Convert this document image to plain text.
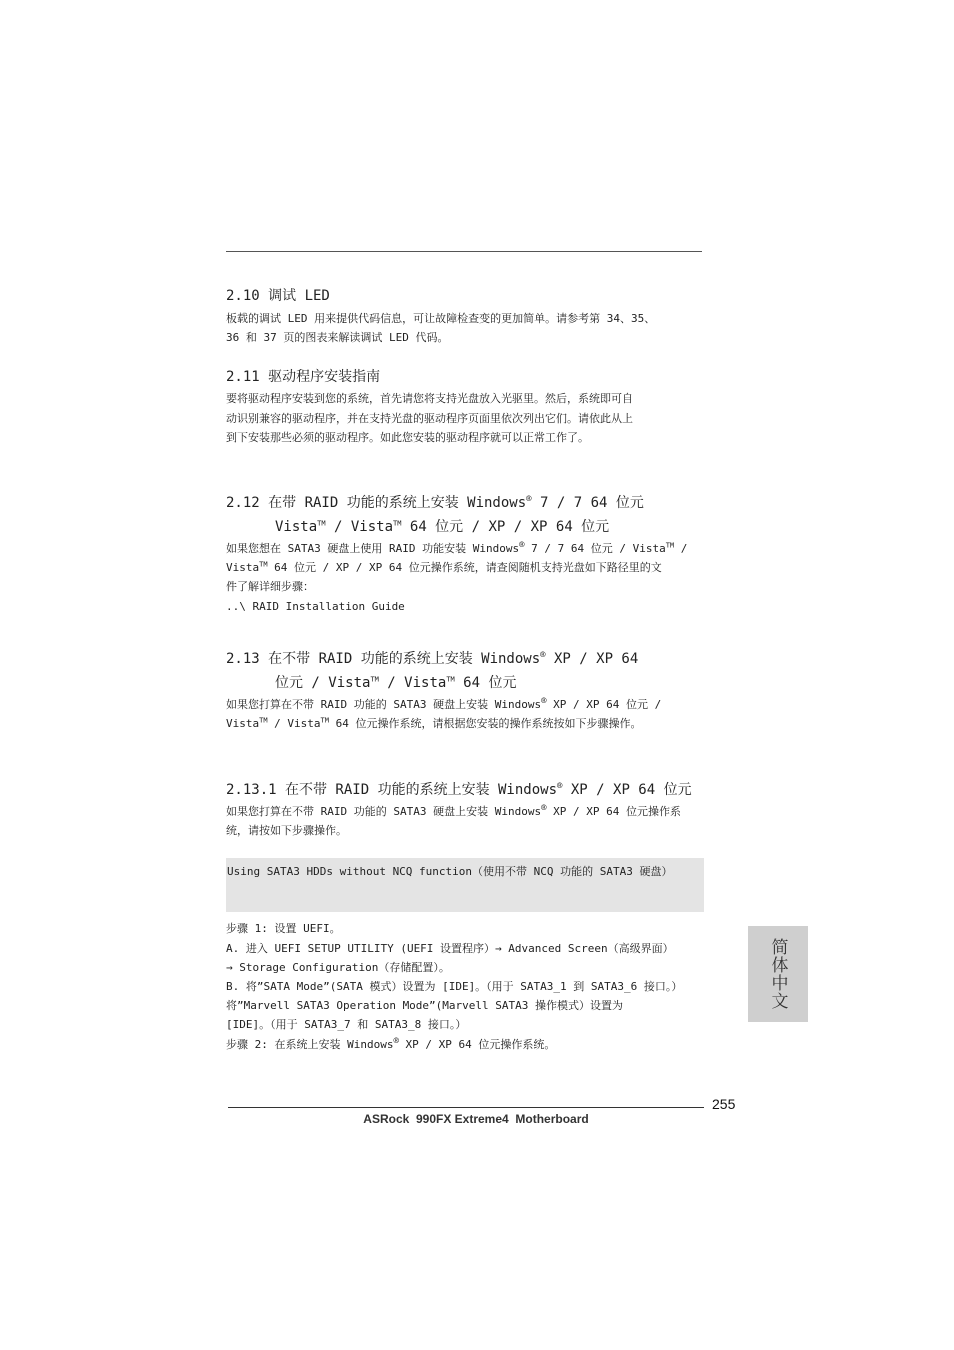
2.10 调试 LED
板载的调试 LED 用来提供代码信息，可让故障检查变的更加简单。请参考第 34、35、
36 和 37 页的图表来解读调试 LED 代码。
2.11 驱动程序安装指南
要将驱动程序安装到您的系统，首先请您将支持光盘放入光驱里。然后，系统即可自
动识别兼容的驱动程序，并在支持光盘的驱动程序页面里依次列出它们。请依此从上
到下安装那些必须的驱动程序。如此您安装的驱动程序就可以正常工作了。
2.12 在带 RAID 功能的系统上安装 Windows® 7 / 7 64 位元
Vista™ / Vista™ 64 位元 / XP / XP 64 位元
如果您想在 SATA3 硬盘上使用 RAID 功能安装 Windows® 7 / 7 64 位元 / Vista™ /
Vista™ 64 位元 / XP / XP 64 位元操作系统，请查阅随机支持光盘如下路径里的文
件了解详细步骤：
..\ RAID Installation Guide
2.13 在不带 RAID 功能的系统上安装 Windows® XP / XP 64
位元 / Vista™ / Vista™ 64 位元
如果您打算在不带 RAID 功能的 SATA3 硬盘上安装 Windows® XP / XP 64 位元 /
Vista™ / Vista™ 64 位元操作系统，请根据您安装的操作系统按如下步骤操作。
2.13.1 在不带 RAID 功能的系统上安装 Windows® XP / XP 64 位元
如果您打算在不带 RAID 功能的 SATA3 硬盘上安装 Windows® XP / XP 64 位元操作系
统，请按如下步骤操作。
Using SATA3 HDDs without NCQ function（使用不带 NCQ 功能的 SATA3 硬盘）
步骤 1: 设置 UEFI。
A. 进入 UEFI SETUP UTILITY (UEFI 设置程序）→ Advanced Screen（高级界面）
→ Storage Configuration（存储配置）。
B. 将”SATA Mode”(SATA 模式）设置为 [IDE]。（用于 SATA3_1 到 SATA3_6 接口。）
将”Marvell SATA3 Operation Mode”(Marvell SATA3 操作模式）设置为
[IDE]。（用于 SATA3_7 和 SATA3_8 接口。）
步骤 2: 在系统上安装 Windows® XP / XP 64 位元操作系统。
简体中文
255
ASRock  990FX Extreme4  Motherboard
